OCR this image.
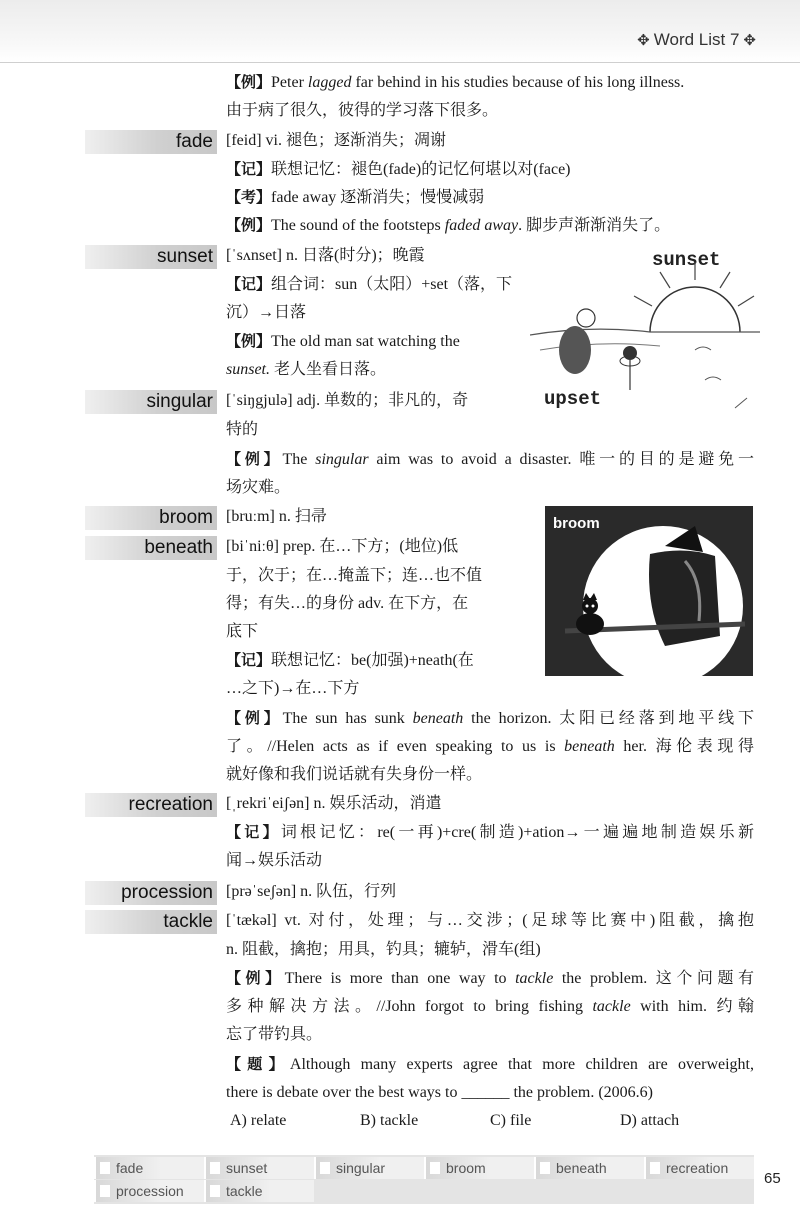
✥ Word List 7 ✥
【例】Peter lagged far behind in his studies because of his long illness.
由于病了很久，彼得的学习落下很多。
fade [feid] vi. 褪色；逐渐消失；凋谢
【记】联想记忆：褪色(fade)的记忆何堪以对(face)
【考】fade away 逐渐消失；慢慢减弱
【例】The sound of the footsteps faded away. 脚步声渐渐消失了。
sunset [ˈsʌnset] n. 日落(时分)；晚霞
【记】组合词：sun（太阳）+set（落，下
沉）→日落
【例】The old man sat watching the
sunset. 老人坐看日落。
sunset
upset
singular [ˈsiŋgjulə] adj. 单数的；非凡的，奇
特的
【例】The singular aim was to avoid a disaster. 唯一的目的是避免一
场灾难。
broom [bruːm] n. 扫帚	broom
beneath [biˈniːθ] prep. 在…下方；(地位)低
于，次于；在…掩盖下；连…也不值
得；有失…的身份 adv. 在下方，在
底下
【记】联想记忆：be(加强)+neath(在
…之下)→在…下方
【例】The sun has sunk beneath the horizon. 太阳已经落到地平线下
了。//Helen acts as if even speaking to us is beneath her. 海伦表现得
就好像和我们说话就有失身份一样。
recreation [ˌrekriˈeiʃən] n. 娱乐活动，消遣
【记】词根记忆：re(一再)+cre(制造)+ation→一遍遍地制造娱乐新
闻→娱乐活动
procession [prəˈseʃən] n. 队伍，行列
tackle [ˈtækəl] vt. 对付，处理；与…交涉；(足球等比赛中)阻截，擒抱
n. 阻截，擒抱；用具，钓具；辘轳，滑车(组)
【例】There is more than one way to tackle the problem. 这个问题有
多种解决方法。//John forgot to bring fishing tackle with him. 约翰
忘了带钓具。
【题】Although many experts agree that more children are overweight,
there is debate over the best ways to ______ the problem. (2006.6)
A) relate	B) tackle	C) file	D) attach
fade	sunset	singular	broom	beneath	recreation
procession	tackle
65
